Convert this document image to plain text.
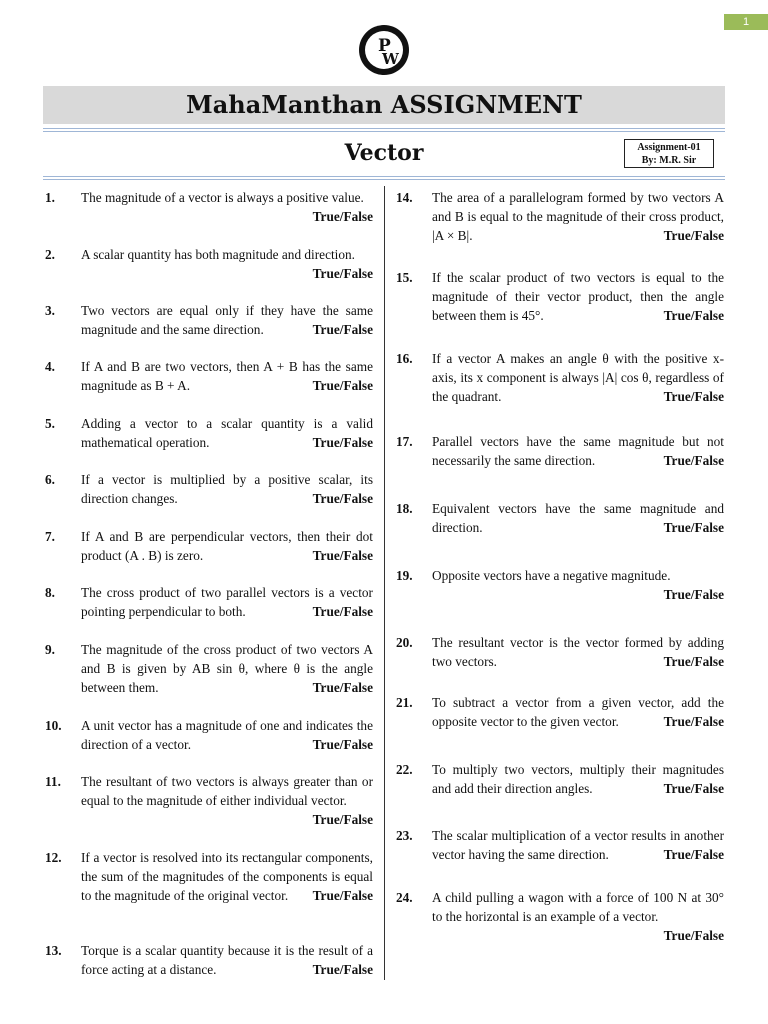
1
P
W
MahaManthan ASSIGNMENT
Vector	Assignment-01
By: M.R. Sir
1. The magnitude of a vector is always a positive value.
True/False
2. A scalar quantity has both magnitude and direction.
True/False
3. Two vectors are equal only if they have the same magnitude and the same direction.	True/False
4. If A and B are two vectors, then A + B has the same magnitude as B + A.	True/False
5. Adding a vector to a scalar quantity is a valid mathematical operation.	True/False
6. If a vector is multiplied by a positive scalar, its direction changes.	True/False
7. If A and B are perpendicular vectors, then their dot product (A . B) is zero.	True/False
8. The cross product of two parallel vectors is a vector pointing perpendicular to both.	True/False
9. The magnitude of the cross product of two vectors A and B is given by AB sin θ, where θ is the angle between them.	True/False
10. A unit vector has a magnitude of one and indicates the direction of a vector.	True/False
11. The resultant of two vectors is always greater than or equal to the magnitude of either individual vector.
True/False
12. If a vector is resolved into its rectangular components, the sum of the magnitudes of the components is equal to the magnitude of the original vector. True/False
13. Torque is a scalar quantity because it is the result of a force acting at a distance.	True/False
14. The area of a parallelogram formed by two vectors A and B is equal to the magnitude of their cross product, |A × B|.	True/False
15. If the scalar product of two vectors is equal to the magnitude of their vector product, then the angle between them is 45°.	True/False
16. If a vector A makes an angle θ with the positive x-axis, its x component is always |A| cos θ, regardless of the quadrant.	True/False
17. Parallel vectors have the same magnitude but not necessarily the same direction.	True/False
18. Equivalent vectors have the same magnitude and direction.	True/False
19. Opposite vectors have a negative magnitude.
True/False
20. The resultant vector is the vector formed by adding two vectors.	True/False
21. To subtract a vector from a given vector, add the opposite vector to the given vector.	True/False
22. To multiply two vectors, multiply their magnitudes and add their direction angles.	True/False
23. The scalar multiplication of a vector results in another vector having the same direction.	True/False
24. A child pulling a wagon with a force of 100 N at 30° to the horizontal is an example of a vector.
True/False
